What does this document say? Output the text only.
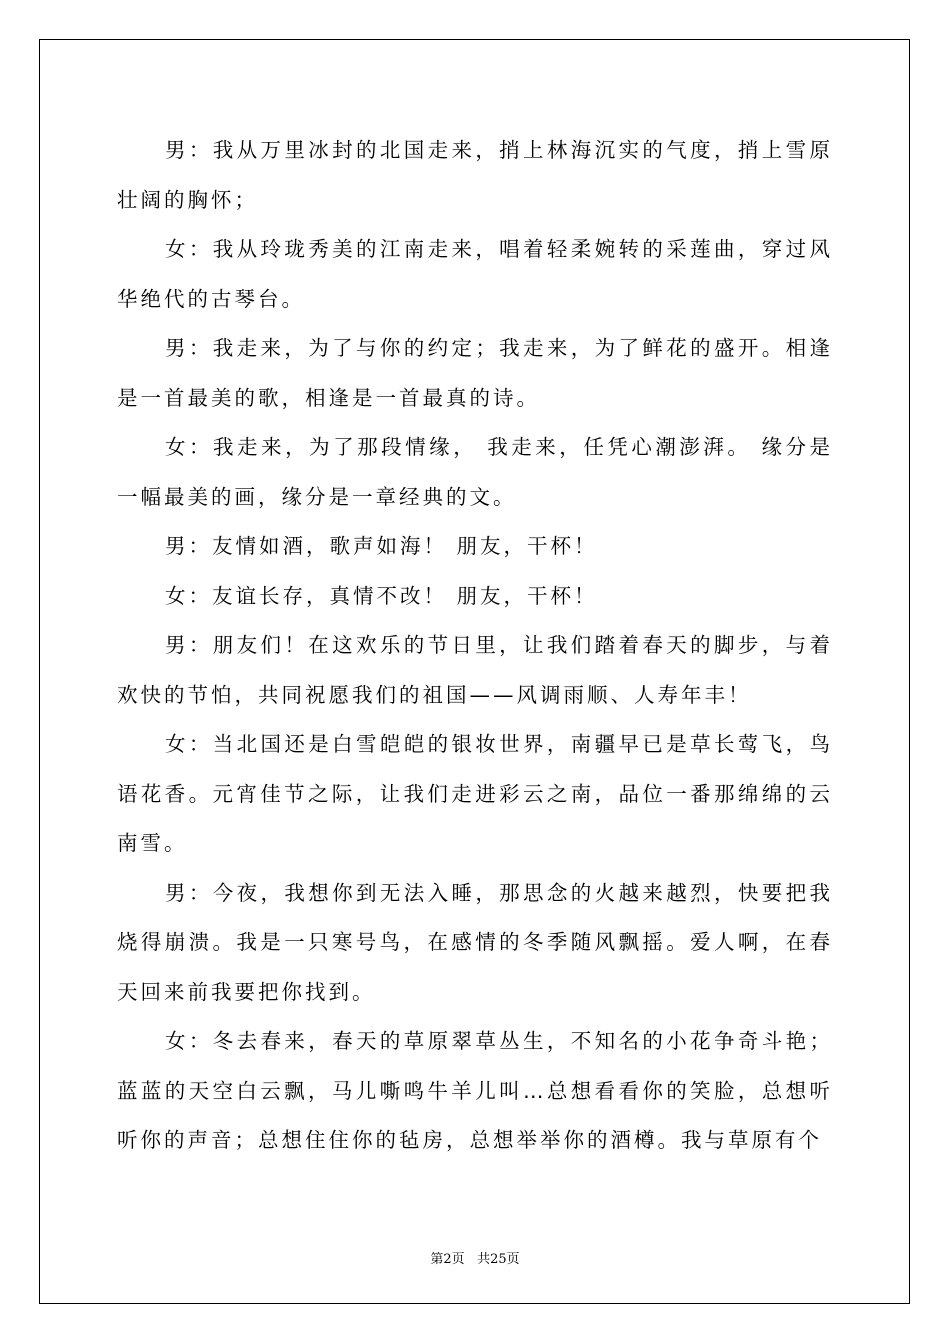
男：我从万里冰封的北国走来，捎上林海沉实的气度，捎上雪原壮阔的胸怀；

女：我从玲珑秀美的江南走来，唱着轻柔婉转的采莲曲，穿过风华绝代的古琴台。

男：我走来，为了与你的约定；我走来，为了鲜花的盛开。相逢是一首最美的歌，相逢是一首最真的诗。

女：我走来，为了那段情缘， 我走来，任凭心潮澎湃。 缘分是一幅最美的画，缘分是一章经典的文。

男：友情如酒，歌声如海！ 朋友，干杯！

女：友谊长存，真情不改！ 朋友，干杯！

男：朋友们！在这欢乐的节日里，让我们踏着春天的脚步，与着欢快的节怕，共同祝愿我们的祖国——风调雨顺、人寿年丰！

女：当北国还是白雪皑皑的银妆世界，南疆早已是草长莺飞，鸟语花香。元宵佳节之际，让我们走进彩云之南，品位一番那绵绵的云南雪。

男：今夜，我想你到无法入睡，那思念的火越来越烈，快要把我烧得崩溃。我是一只寒号鸟，在感情的冬季随风飘摇。爱人啊，在春天回来前我要把你找到。

女：冬去春来，春天的草原翠草丛生，不知名的小花争奇斗艳；蓝蓝的天空白云飘，马儿嘶鸣牛羊儿叫…总想看看你的笑脸，总想听听你的声音；总想住住你的毡房，总想举举你的酒樽。我与草原有个

第2页 共25页
